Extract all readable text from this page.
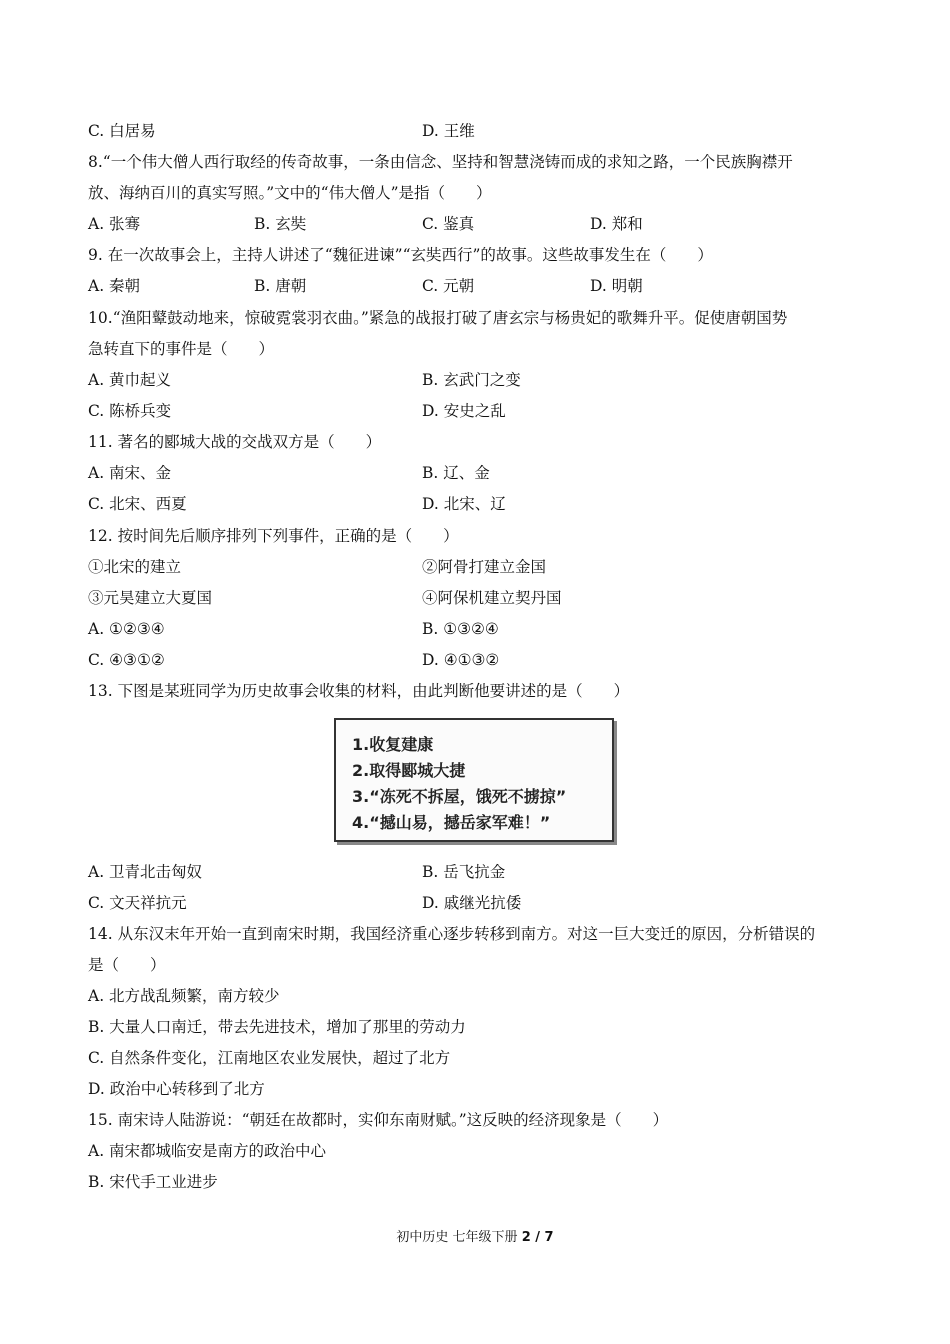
C. 白居易	D. 王维
8.“一个伟大僧人西行取经的传奇故事，一条由信念、坚持和智慧浇铸而成的求知之路，一个民族胸襟开
放、海纳百川的真实写照。”文中的“伟大僧人”是指（　　）
A. 张骞	B. 玄奘	C. 鉴真	D. 郑和
9. 在一次故事会上，主持人讲述了“魏征进谏”“玄奘西行”的故事。这些故事发生在（　　）
A. 秦朝	B. 唐朝	C. 元朝	D. 明朝
10.“渔阳鼙鼓动地来，惊破霓裳羽衣曲。”紧急的战报打破了唐玄宗与杨贵妃的歌舞升平。促使唐朝国势
急转直下的事件是（　　）
A. 黄巾起义	B. 玄武门之变
C. 陈桥兵变	D. 安史之乱
11. 著名的郾城大战的交战双方是（　　）
A. 南宋、金	B. 辽、金
C. 北宋、西夏	D. 北宋、辽
12. 按时间先后顺序排列下列事件，正确的是（　　）
①北宋的建立	②阿骨打建立金国
③元昊建立大夏国	④阿保机建立契丹国
A. ①②③④	B. ①③②④
C. ④③①②	D. ④①③②
13. 下图是某班同学为历史故事会收集的材料，由此判断他要讲述的是（　　）
1.收复建康
2.取得郾城大捷
3.“冻死不拆屋，饿死不掳掠”
4.“撼山易，撼岳家军难！”
A. 卫青北击匈奴	B. 岳飞抗金
C. 文天祥抗元	D. 戚继光抗倭
14. 从东汉末年开始一直到南宋时期，我国经济重心逐步转移到南方。对这一巨大变迁的原因，分析错误的
是（　　）
A. 北方战乱频繁，南方较少
B. 大量人口南迁，带去先进技术，增加了那里的劳动力
C. 自然条件变化，江南地区农业发展快，超过了北方
D. 政治中心转移到了北方
15. 南宋诗人陆游说：“朝廷在故都时，实仰东南财赋。”这反映的经济现象是（　　）
A. 南宋都城临安是南方的政治中心
B. 宋代手工业进步
初中历史 七年级下册 2 / 7
